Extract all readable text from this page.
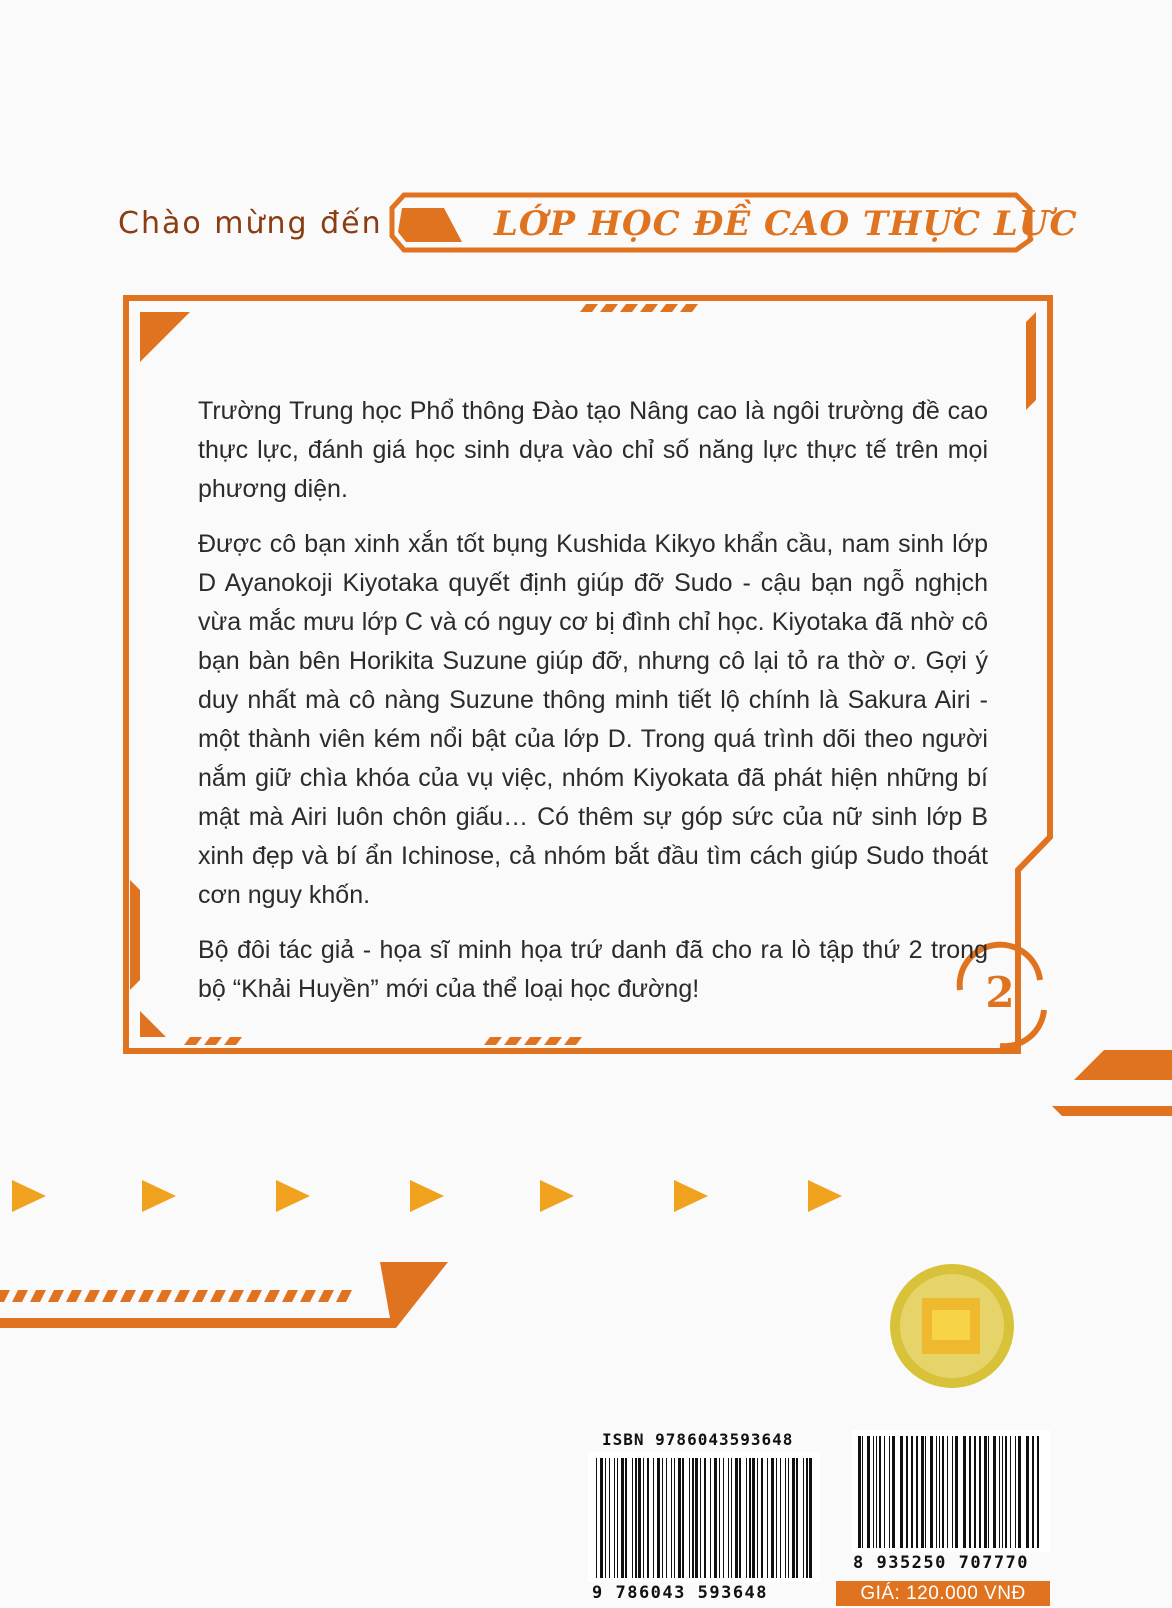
Chào mừng đến	LỚP HỌC ĐỀ CAO THỰC LỰC

Trường Trung học Phổ thông Đào tạo Nâng cao là ngôi trường đề cao thực lực, đánh giá học sinh dựa vào chỉ số năng lực thực tế trên mọi phương diện.

Được cô bạn xinh xắn tốt bụng Kushida Kikyo khẩn cầu, nam sinh lớp D Ayanokoji Kiyotaka quyết định giúp đỡ Sudo - cậu bạn ngỗ nghịch vừa mắc mưu lớp C và có nguy cơ bị đình chỉ học. Kiyotaka đã nhờ cô bạn bàn bên Horikita Suzune giúp đỡ, nhưng cô lại tỏ ra thờ ơ. Gợi ý duy nhất mà cô nàng Suzune thông minh tiết lộ chính là Sakura Airi - một thành viên kém nổi bật của lớp D. Trong quá trình dõi theo người nắm giữ chìa khóa của vụ việc, nhóm Kiyokata đã phát hiện những bí mật mà Airi luôn chôn giấu… Có thêm sự góp sức của nữ sinh lớp B xinh đẹp và bí ẩn Ichinose, cả nhóm bắt đầu tìm cách giúp Sudo thoát cơn nguy khốn.

Bộ đôi tác giả - họa sĩ minh họa trứ danh đã cho ra lò tập thứ 2 trong bộ “Khải Huyền” mới của thể loại học đường!	2
ISBN 9786043593648
9 786043 593648
8 935250 707770
GIÁ: 120.000 VNĐ
